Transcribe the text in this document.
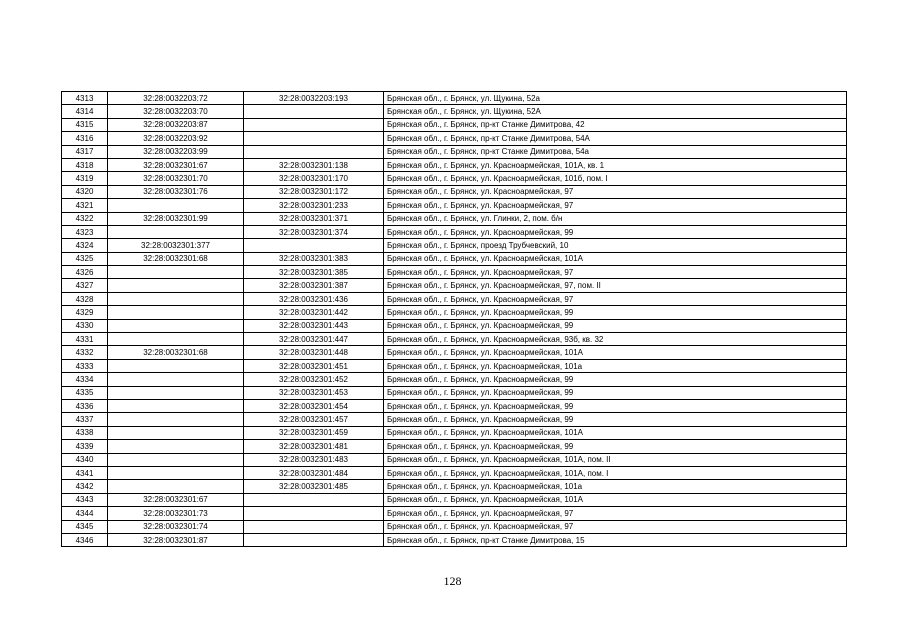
4313	32:28:0032203:72	32:28:0032203:193	Брянская обл., г. Брянск, ул. Щукина, 52а
4314	32:28:0032203:70		Брянская обл., г. Брянск, ул. Щукина, 52А
4315	32:28:0032203:87		Брянская обл., г. Брянск, пр-кт Станке Димитрова, 42
4316	32:28:0032203:92		Брянская обл., г. Брянск, пр-кт Станке Димитрова, 54А
4317	32:28:0032203:99		Брянская обл., г. Брянск, пр-кт Станке Димитрова, 54а
4318	32:28:0032301:67	32:28:0032301:138	Брянская обл., г. Брянск, ул. Красноармейская, 101А, кв. 1
4319	32:28:0032301:70	32:28:0032301:170	Брянская обл., г. Брянск, ул. Красноармейская, 101б, пом. I
4320	32:28:0032301:76	32:28:0032301:172	Брянская обл., г. Брянск, ул. Красноармейская, 97
4321		32:28:0032301:233	Брянская обл., г. Брянск, ул. Красноармейская, 97
4322	32:28:0032301:99	32:28:0032301:371	Брянская обл., г. Брянск, ул. Глинки, 2, пом. б/н
4323		32:28:0032301:374	Брянская обл., г. Брянск, ул. Красноармейская, 99
4324	32:28:0032301:377		Брянская обл., г. Брянск, проезд Трубчевский, 10
4325	32:28:0032301:68	32:28:0032301:383	Брянская обл., г. Брянск, ул. Красноармейская, 101А
4326		32:28:0032301:385	Брянская обл., г. Брянск, ул. Красноармейская, 97
4327		32:28:0032301:387	Брянская обл., г. Брянск, ул. Красноармейская, 97, пом. II
4328		32:28:0032301:436	Брянская обл., г. Брянск, ул. Красноармейская, 97
4329		32:28:0032301:442	Брянская обл., г. Брянск, ул. Красноармейская, 99
4330		32:28:0032301:443	Брянская обл., г. Брянск, ул. Красноармейская, 99
4331		32:28:0032301:447	Брянская обл., г. Брянск, ул. Красноармейская, 93б, кв. 32
4332	32:28:0032301:68	32:28:0032301:448	Брянская обл., г. Брянск, ул. Красноармейская, 101А
4333		32:28:0032301:451	Брянская обл., г. Брянск, ул. Красноармейская, 101а
4334		32:28:0032301:452	Брянская обл., г. Брянск, ул. Красноармейская, 99
4335		32:28:0032301:453	Брянская обл., г. Брянск, ул. Красноармейская, 99
4336		32:28:0032301:454	Брянская обл., г. Брянск, ул. Красноармейская, 99
4337		32:28:0032301:457	Брянская обл., г. Брянск, ул. Красноармейская, 99
4338		32:28:0032301:459	Брянская обл., г. Брянск, ул. Красноармейская, 101А
4339		32:28:0032301:481	Брянская обл., г. Брянск, ул. Красноармейская, 99
4340		32:28:0032301:483	Брянская обл., г. Брянск, ул. Красноармейская, 101А, пом. II
4341		32:28:0032301:484	Брянская обл., г. Брянск, ул. Красноармейская, 101А, пом. I
4342		32:28:0032301:485	Брянская обл., г. Брянск, ул. Красноармейская, 101а
4343	32:28:0032301:67		Брянская обл., г. Брянск, ул. Красноармейская, 101А
4344	32:28:0032301:73		Брянская обл., г. Брянск, ул. Красноармейская, 97
4345	32:28:0032301:74		Брянская обл., г. Брянск, ул. Красноармейская, 97
4346	32:28:0032301:87		Брянская обл., г. Брянск, пр-кт Станке Димитрова, 15
128
